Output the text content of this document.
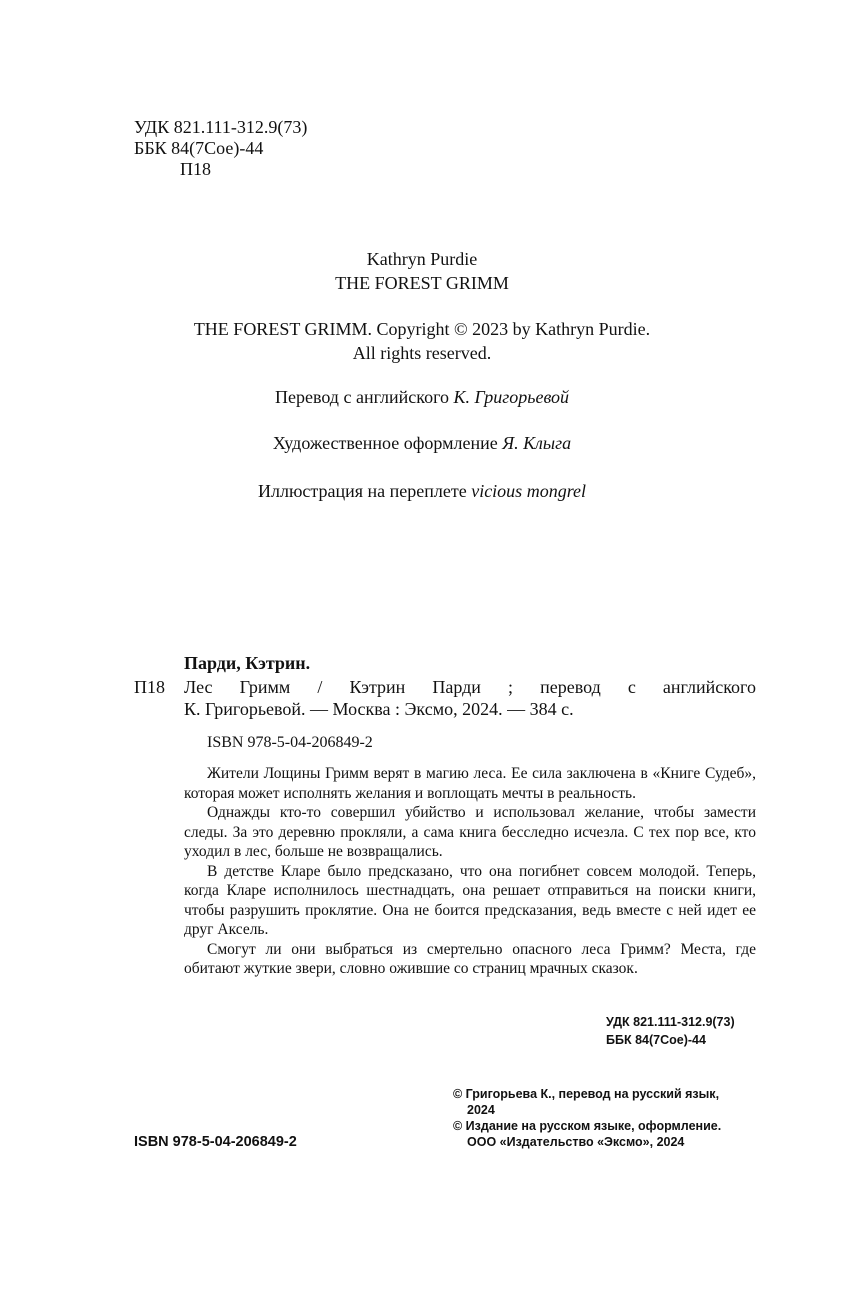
УДК 821.111-312.9(73)
ББК 84(7Сое)-44
П18
Kathryn Purdie
THE FOREST GRIMM
THE FOREST GRIMM. Copyright © 2023 by Kathryn Purdie.
All rights reserved.
Перевод с английского К. Григорьевой
Художественное оформление Я. Клыга
Иллюстрация на переплете vicious mongrel
Парди, Кэтрин.
П18 Лес Гримм / Кэтрин Парди ; перевод с английского
К. Григорьевой. — Москва : Эксмо, 2024. — 384 с.
ISBN 978-5-04-206849-2

Жители Лощины Гримм верят в магию леса. Ее сила заключена в «Книге Судеб», которая может исполнять желания и воплощать мечты в реальность.

Однажды кто-то совершил убийство и использовал желание, чтобы замести следы. За это деревню прокляли, а сама книга бесследно исчезла. С тех пор все, кто уходил в лес, больше не возвращались.

В детстве Кларе было предсказано, что она погибнет совсем молодой. Теперь, когда Кларе исполнилось шестнадцать, она решает отправиться на поиски книги, чтобы разрушить проклятие. Она не боится предсказания, ведь вместе с ней идет ее друг Аксель.

Смогут ли они выбраться из смертельно опасного леса Гримм? Места, где обитают жуткие звери, словно ожившие со страниц мрачных сказок.

УДК 821.111-312.9(73)
ББК 84(7Сое)-44
© Григорьева К., перевод на русский язык,
2024
© Издание на русском языке, оформление.
ООО «Издательство «Эксмо», 2024
ISBN 978-5-04-206849-2
